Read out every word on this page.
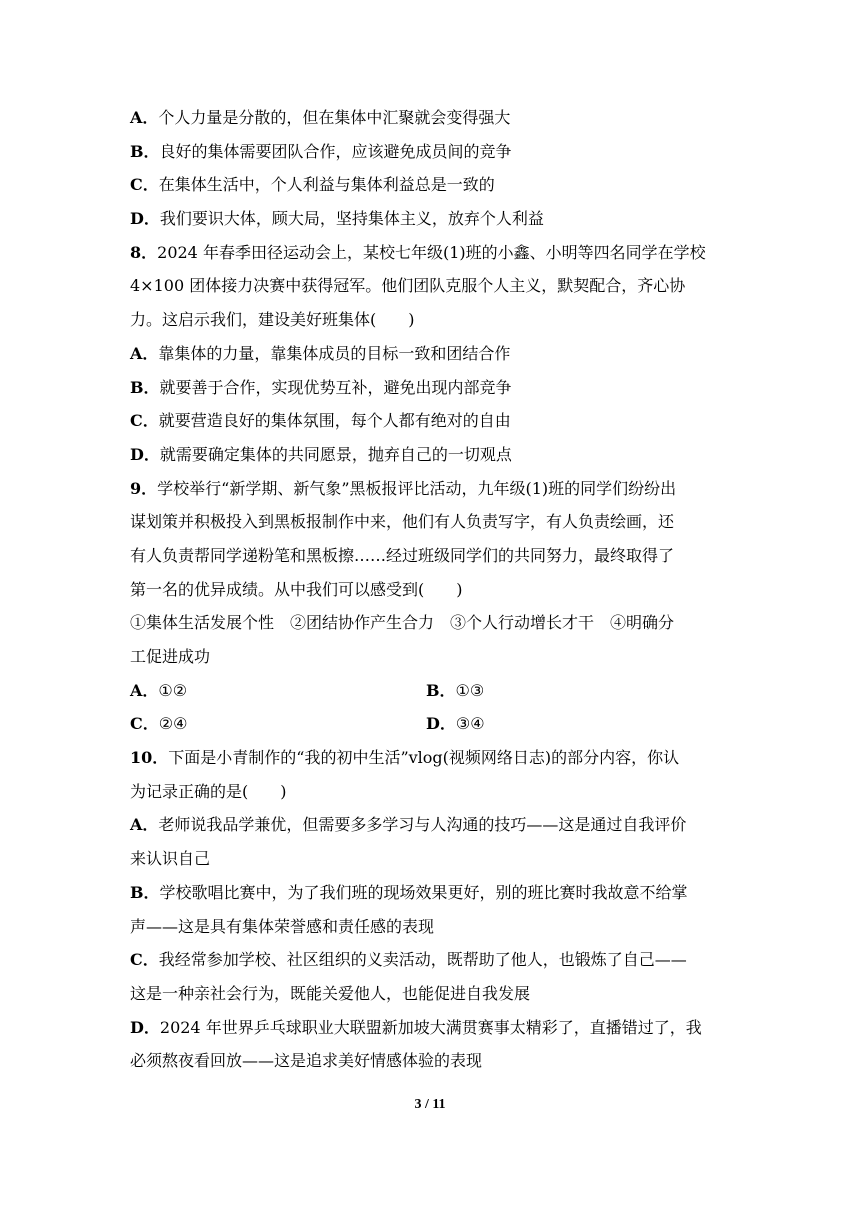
A．个人力量是分散的，但在集体中汇聚就会变得强大
B．良好的集体需要团队合作，应该避免成员间的竞争
C．在集体生活中，个人利益与集体利益总是一致的
D．我们要识大体，顾大局，坚持集体主义，放弃个人利益
8．2024 年春季田径运动会上，某校七年级(1)班的小鑫、小明等四名同学在学校
4×100 团体接力决赛中获得冠军。他们团队克服个人主义，默契配合，齐心协
力。这启示我们，建设美好班集体(　　)
A．靠集体的力量，靠集体成员的目标一致和团结合作
B．就要善于合作，实现优势互补，避免出现内部竞争
C．就要营造良好的集体氛围，每个人都有绝对的自由
D．就需要确定集体的共同愿景，抛弃自己的一切观点
9．学校举行“新学期、新气象”黑板报评比活动，九年级(1)班的同学们纷纷出
谋划策并积极投入到黑板报制作中来，他们有人负责写字，有人负责绘画，还
有人负责帮同学递粉笔和黑板擦……经过班级同学们的共同努力，最终取得了
第一名的优异成绩。从中我们可以感受到(　　)
①集体生活发展个性　②团结协作产生合力　③个人行动增长才干　④明确分
工促进成功
A．①②	B．①③
C．②④	D．③④
10．下面是小青制作的“我的初中生活”vlog(视频网络日志)的部分内容，你认
为记录正确的是(　　)
A．老师说我品学兼优，但需要多多学习与人沟通的技巧——这是通过自我评价
来认识自己
B．学校歌唱比赛中，为了我们班的现场效果更好，别的班比赛时我故意不给掌
声——这是具有集体荣誉感和责任感的表现
C．我经常参加学校、社区组织的义卖活动，既帮助了他人，也锻炼了自己——
这是一种亲社会行为，既能关爱他人，也能促进自我发展
D．2024 年世界乒乓球职业大联盟新加坡大满贯赛事太精彩了，直播错过了，我
必须熬夜看回放——这是追求美好情感体验的表现
3 / 11
